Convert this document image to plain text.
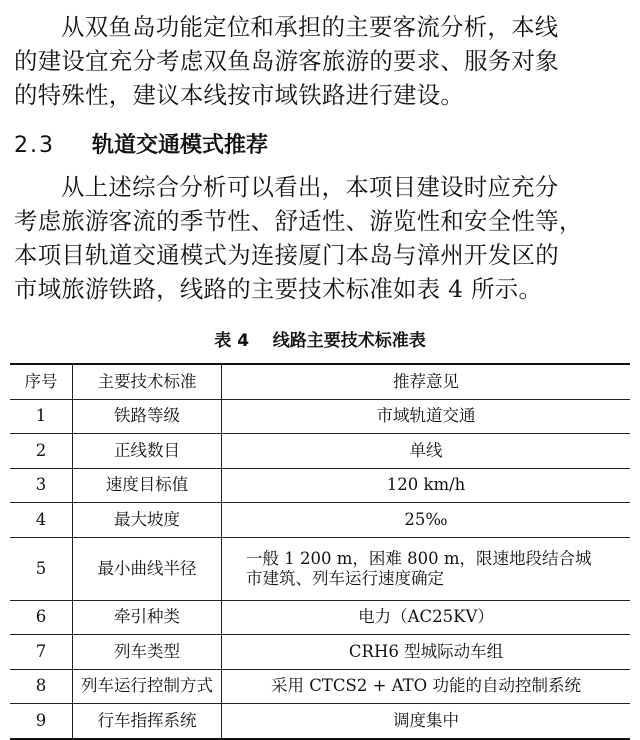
从双鱼岛功能定位和承担的主要客流分析，本线
的建设宜充分考虑双鱼岛游客旅游的要求、服务对象
的特殊性，建议本线按市域铁路进行建设。

2.3 轨道交通模式推荐

从上述综合分析可以看出，本项目建设时应充分
考虑旅游客流的季节性、舒适性、游览性和安全性等，
本项目轨道交通模式为连接厦门本岛与漳州开发区的
市域旅游铁路，线路的主要技术标准如表 4 所示。

表 4    线路主要技术标准表
序号	主要技术标准	推荐意见
1	铁路等级	市域轨道交通
2	正线数目	单线
3	速度目标值	120 km/h
4	最大坡度	25‰
5	最小曲线半径	一般 1 200 m，困难 800 m，限速地段结合城市建筑、列车运行速度确定
6	牵引种类	电力（AC25KV）
7	列车类型	CRH6 型城际动车组
8	列车运行控制方式	采用 CTCS2 + ATO 功能的自动控制系统
9	行车指挥系统	调度集中
